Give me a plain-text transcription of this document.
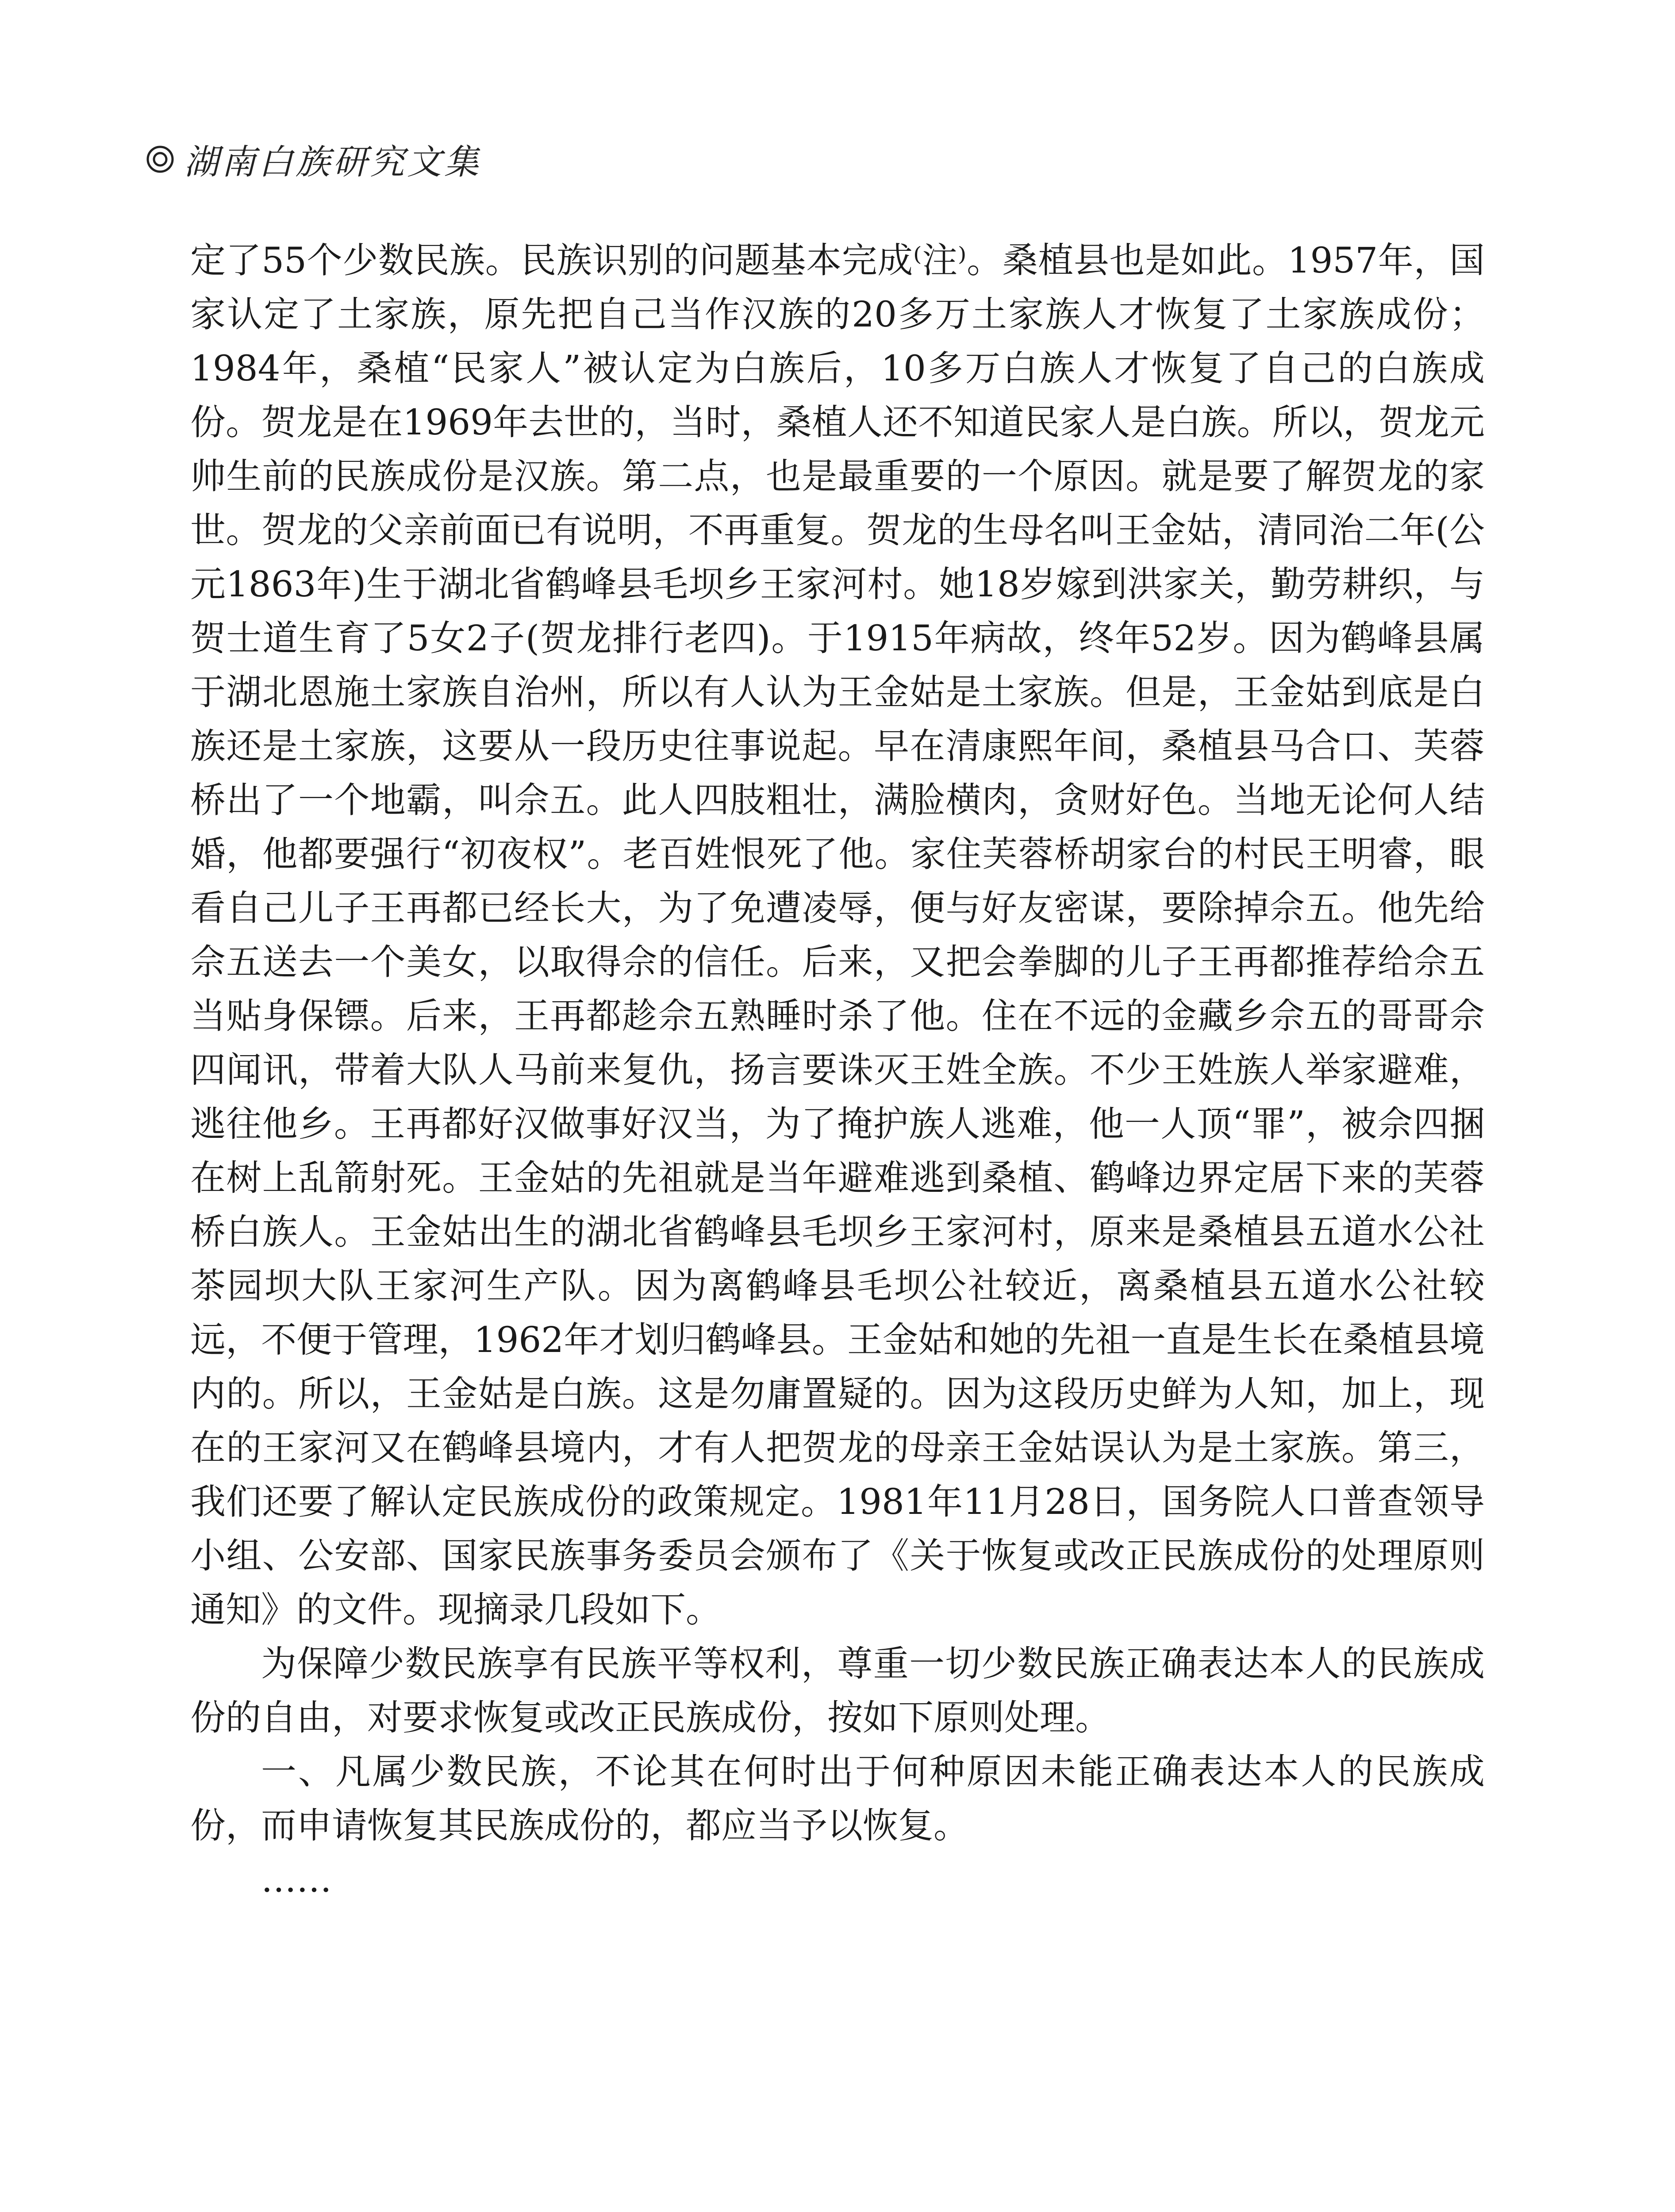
湖南白族研究文集

定了55个少数民族。民族识别的问题基本完成⁽注⁾。桑植县也是如此。1957年，国家认定了土家族，原先把自己当作汉族的20多万土家族人才恢复了土家族成份；1984年，桑植“民家人”被认定为白族后，10多万白族人才恢复了自己的白族成份。贺龙是在1969年去世的，当时，桑植人还不知道民家人是白族。所以，贺龙元帅生前的民族成份是汉族。第二点，也是最重要的一个原因。就是要了解贺龙的家世。贺龙的父亲前面已有说明，不再重复。贺龙的生母名叫王金姑，清同治二年(公元1863年)生于湖北省鹤峰县毛坝乡王家河村。她18岁嫁到洪家关，勤劳耕织，与贺士道生育了5女2子(贺龙排行老四)。于1915年病故，终年52岁。因为鹤峰县属于湖北恩施土家族自治州，所以有人认为王金姑是土家族。但是，王金姑到底是白族还是土家族，这要从一段历史往事说起。早在清康熙年间，桑植县马合口、芙蓉桥出了一个地霸，叫佘五。此人四肢粗壮，满脸横肉，贪财好色。当地无论何人结婚，他都要强行“初夜权”。老百姓恨死了他。家住芙蓉桥胡家台的村民王明睿，眼看自己儿子王再都已经长大，为了免遭凌辱，便与好友密谋，要除掉佘五。他先给佘五送去一个美女，以取得佘的信任。后来，又把会拳脚的儿子王再都推荐给佘五当贴身保镖。后来，王再都趁佘五熟睡时杀了他。住在不远的金藏乡佘五的哥哥佘四闻讯，带着大队人马前来复仇，扬言要诛灭王姓全族。不少王姓族人举家避难，逃往他乡。王再都好汉做事好汉当，为了掩护族人逃难，他一人顶“罪”，被佘四捆在树上乱箭射死。王金姑的先祖就是当年避难逃到桑植、鹤峰边界定居下来的芙蓉桥白族人。王金姑出生的湖北省鹤峰县毛坝乡王家河村，原来是桑植县五道水公社茶园坝大队王家河生产队。因为离鹤峰县毛坝公社较近，离桑植县五道水公社较远，不便于管理，1962年才划归鹤峰县。王金姑和她的先祖一直是生长在桑植县境内的。所以，王金姑是白族。这是勿庸置疑的。因为这段历史鲜为人知，加上，现在的王家河又在鹤峰县境内，才有人把贺龙的母亲王金姑误认为是土家族。第三，我们还要了解认定民族成份的政策规定。1981年11月28日，国务院人口普查领导小组、公安部、国家民族事务委员会颁布了《关于恢复或改正民族成份的处理原则通知》的文件。现摘录几段如下。

为保障少数民族享有民族平等权利，尊重一切少数民族正确表达本人的民族成份的自由，对要求恢复或改正民族成份，按如下原则处理。

一、凡属少数民族，不论其在何时出于何种原因未能正确表达本人的民族成份，而申请恢复其民族成份的，都应当予以恢复。

……
